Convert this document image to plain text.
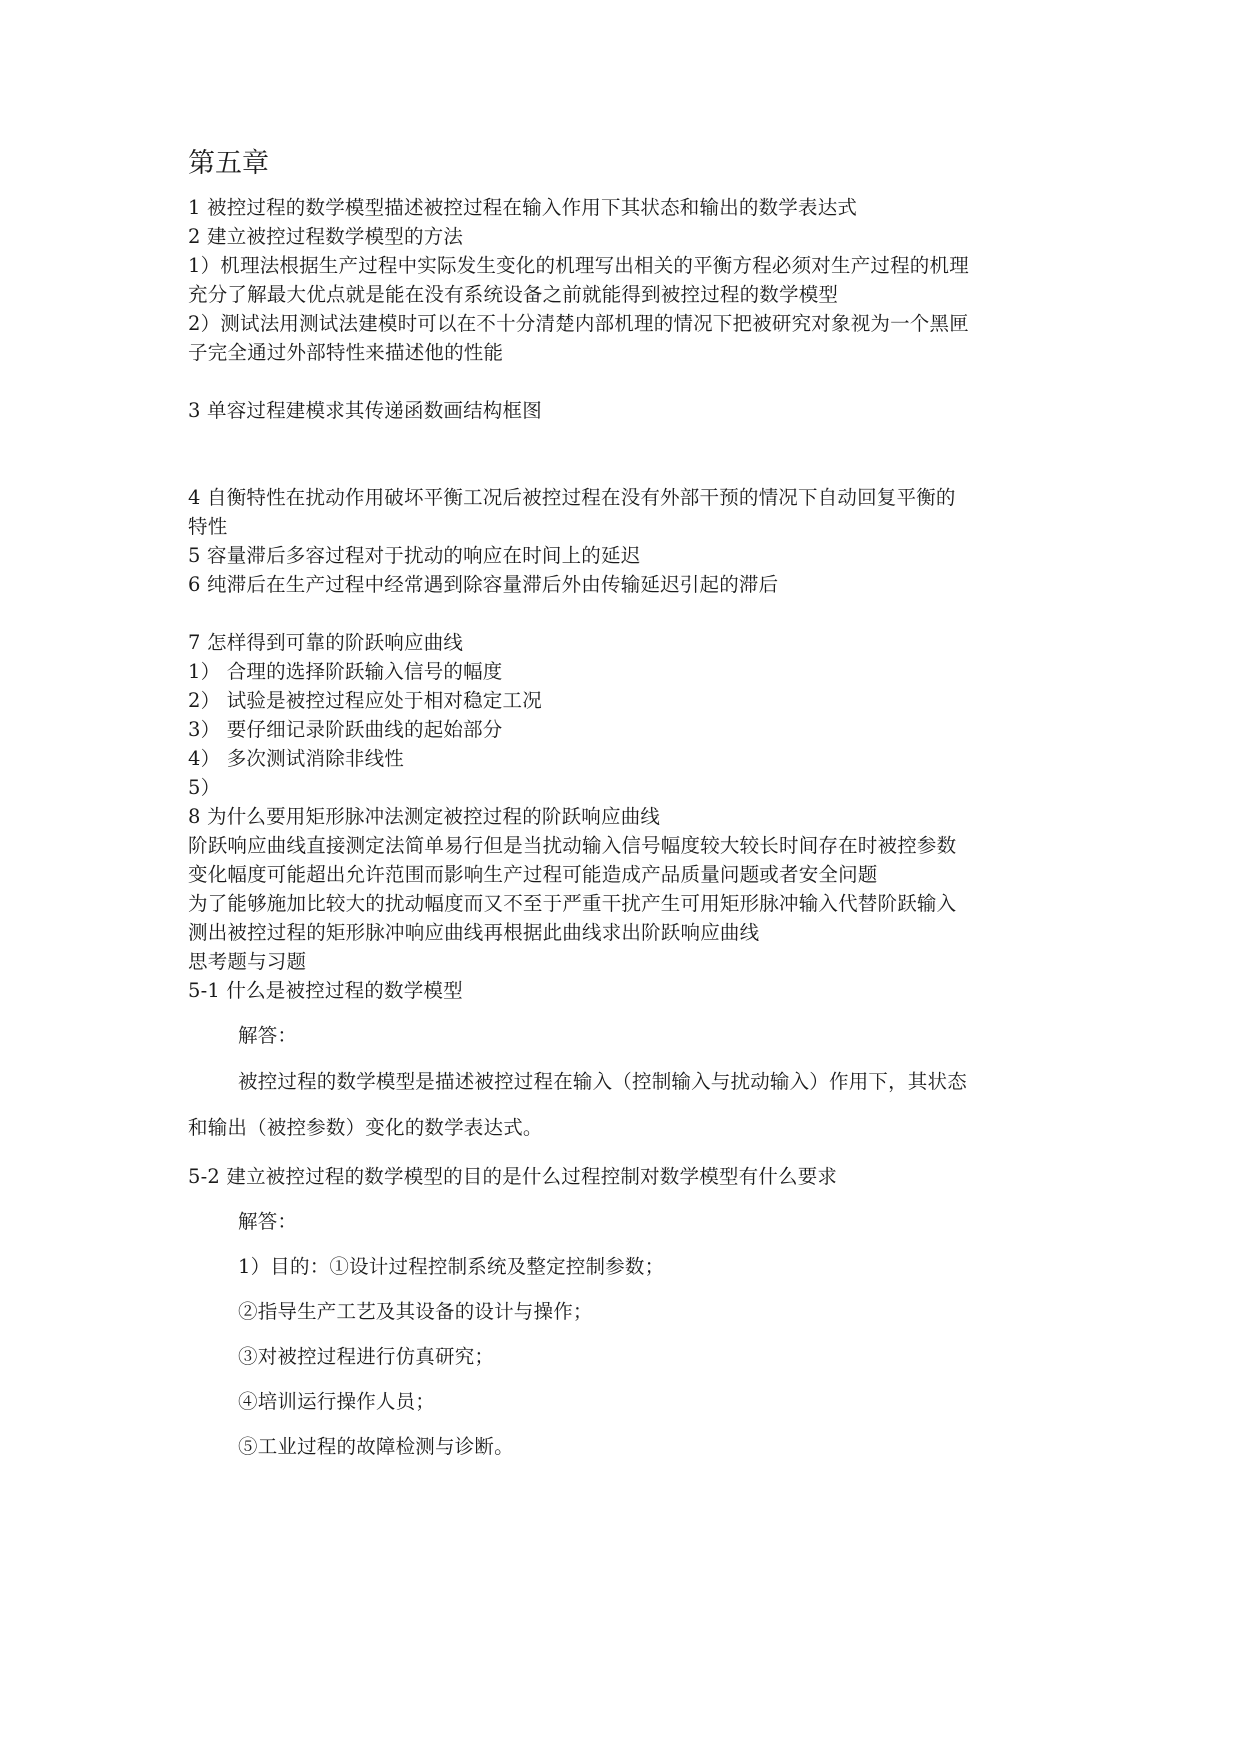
第五章
1 被控过程的数学模型描述被控过程在输入作用下其状态和输出的数学表达式
2 建立被控过程数学模型的方法
1）机理法根据生产过程中实际发生变化的机理写出相关的平衡方程必须对生产过程的机理
充分了解最大优点就是能在没有系统设备之前就能得到被控过程的数学模型
2）测试法用测试法建模时可以在不十分清楚内部机理的情况下把被研究对象视为一个黑匣
子完全通过外部特性来描述他的性能
3 单容过程建模求其传递函数画结构框图
4 自衡特性在扰动作用破坏平衡工况后被控过程在没有外部干预的情况下自动回复平衡的
特性
5 容量滞后多容过程对于扰动的响应在时间上的延迟
6 纯滞后在生产过程中经常遇到除容量滞后外由传输延迟引起的滞后
7 怎样得到可靠的阶跃响应曲线
1） 合理的选择阶跃输入信号的幅度
2） 试验是被控过程应处于相对稳定工况
3） 要仔细记录阶跃曲线的起始部分
4） 多次测试消除非线性
5）
8 为什么要用矩形脉冲法测定被控过程的阶跃响应曲线
阶跃响应曲线直接测定法简单易行但是当扰动输入信号幅度较大较长时间存在时被控参数
变化幅度可能超出允许范围而影响生产过程可能造成产品质量问题或者安全问题
为了能够施加比较大的扰动幅度而又不至于严重干扰产生可用矩形脉冲输入代替阶跃输入
测出被控过程的矩形脉冲响应曲线再根据此曲线求出阶跃响应曲线
思考题与习题
5-1 什么是被控过程的数学模型
解答：
被控过程的数学模型是描述被控过程在输入（控制输入与扰动输入）作用下，其状态
和输出（被控参数）变化的数学表达式。
5-2 建立被控过程的数学模型的目的是什么过程控制对数学模型有什么要求
解答：
1）目的：①设计过程控制系统及整定控制参数；
②指导生产工艺及其设备的设计与操作；
③对被控过程进行仿真研究；
④培训运行操作人员；
⑤工业过程的故障检测与诊断。
